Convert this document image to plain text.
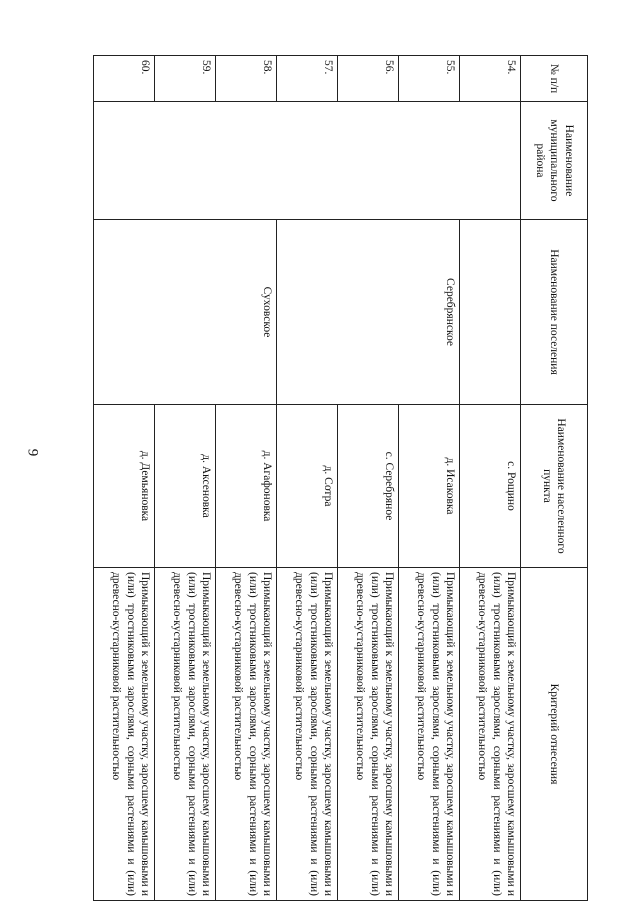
9
№ п/п	Наименование муниципального района	Наименование поселения	Наименование населенного пункта	Критерий отнесения
54.			с. Рощино	Примыкающий к земельному участку, заросшему камышовыми и (или) тростниковыми зарослями, сорными растениями и (или) древесно-кустарниковой растительностью
55.		Серебрянское	д. Исаковка	Примыкающий к земельному участку, заросшему камышовыми и (или) тростниковыми зарослями, сорными растениями и (или) древесно-кустарниковой растительностью
56.			с. Серебряное	Примыкающий к земельному участку, заросшему камышовыми и (или) тростниковыми зарослями, сорными растениями и (или) древесно-кустарниковой растительностью
57.			д. Сотра	Примыкающий к земельному участку, заросшему камышовыми и (или) тростниковыми зарослями, сорными растениями и (или) древесно-кустарниковой растительностью
58.		Суховское	д. Агафоновка	Примыкающий к земельному участку, заросшему камышовыми и (или) тростниковыми зарослями, сорными растениями и (или) древесно-кустарниковой растительностью
59.			д. Аксеновка	Примыкающий к земельному участку, заросшему камышовыми и (или) тростниковыми зарослями, сорными растениями и (или) древесно-кустарниковой растительностью
60.			д. Демьяновка	Примыкающий к земельному участку, заросшему камышовыми и (или) тростниковыми зарослями, сорными растениями и (или) древесно-кустарниковой растительностью
